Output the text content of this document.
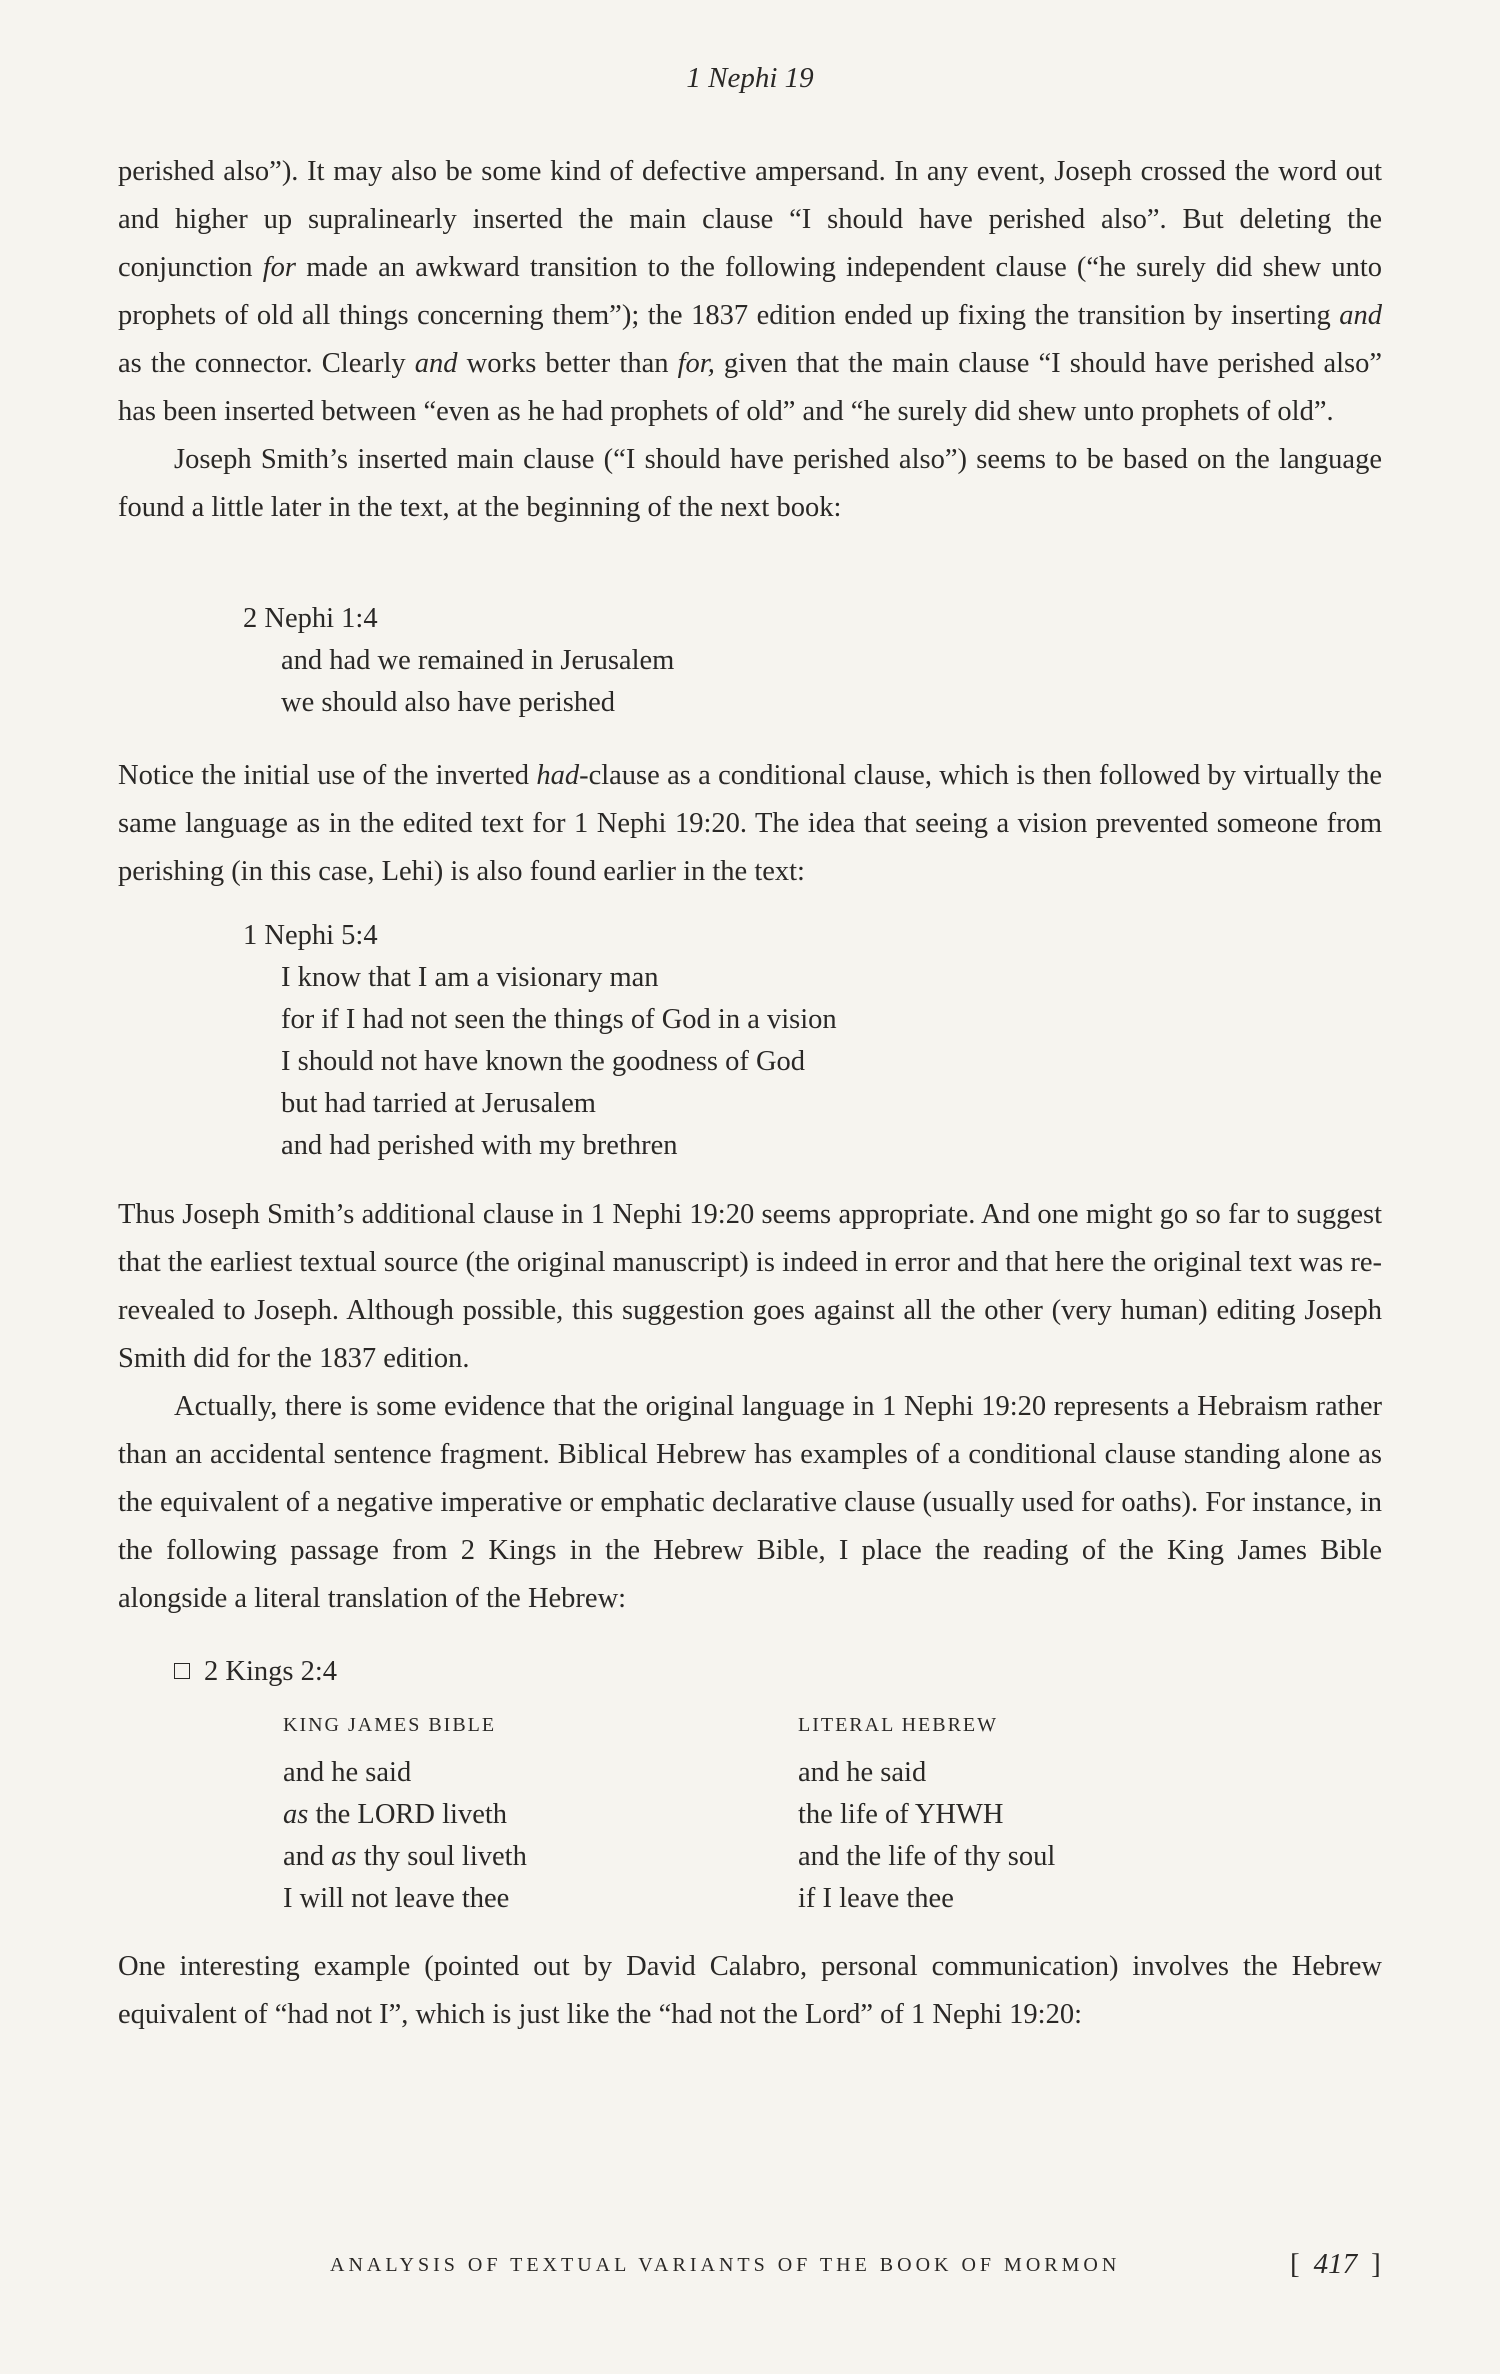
1 Nephi 19

perished also”). It may also be some kind of defective ampersand. In any event, Joseph crossed the word out and higher up supralinearly inserted the main clause “I should have perished also”. But deleting the conjunction for made an awkward transition to the following independent clause (“he surely did shew unto prophets of old all things concerning them”); the 1837 edition ended up fixing the transition by inserting and as the connector. Clearly and works better than for, given that the main clause “I should have perished also” has been inserted between “even as he had prophets of old” and “he surely did shew unto prophets of old”.

Joseph Smith’s inserted main clause (“I should have perished also”) seems to be based on the language found a little later in the text, at the beginning of the next book:

2 Nephi 1:4

and had we remained in Jerusalem

we should also have perished

Notice the initial use of the inverted had-clause as a conditional clause, which is then followed by virtually the same language as in the edited text for 1 Nephi 19:20. The idea that seeing a vision prevented someone from perishing (in this case, Lehi) is also found earlier in the text:

1 Nephi 5:4

I know that I am a visionary man

for if I had not seen the things of God in a vision

I should not have known the goodness of God

but had tarried at Jerusalem

and had perished with my brethren

Thus Joseph Smith’s additional clause in 1 Nephi 19:20 seems appropriate. And one might go so far to suggest that the earliest textual source (the original manuscript) is indeed in error and that here the original text was re-revealed to Joseph. Although possible, this suggestion goes against all the other (very human) editing Joseph Smith did for the 1837 edition.

Actually, there is some evidence that the original language in 1 Nephi 19:20 represents a Hebraism rather than an accidental sentence fragment. Biblical Hebrew has examples of a conditional clause standing alone as the equivalent of a negative imperative or emphatic declarative clause (usually used for oaths). For instance, in the following passage from 2 Kings in the Hebrew Bible, I place the reading of the King James Bible alongside a literal translation of the Hebrew:

2 Kings 2:4

KING JAMES BIBLE

and he said

as the LORD liveth

and as thy soul liveth

I will not leave thee

LITERAL HEBREW

and he said

the life of YHWH

and the life of thy soul

if I leave thee

One interesting example (pointed out by David Calabro, personal communication) involves the Hebrew equivalent of “had not I”, which is just like the “had not the Lord” of 1 Nephi 19:20:

ANALYSIS OF TEXTUAL VARIANTS OF THE BOOK OF MORMON	[ 417 ]
